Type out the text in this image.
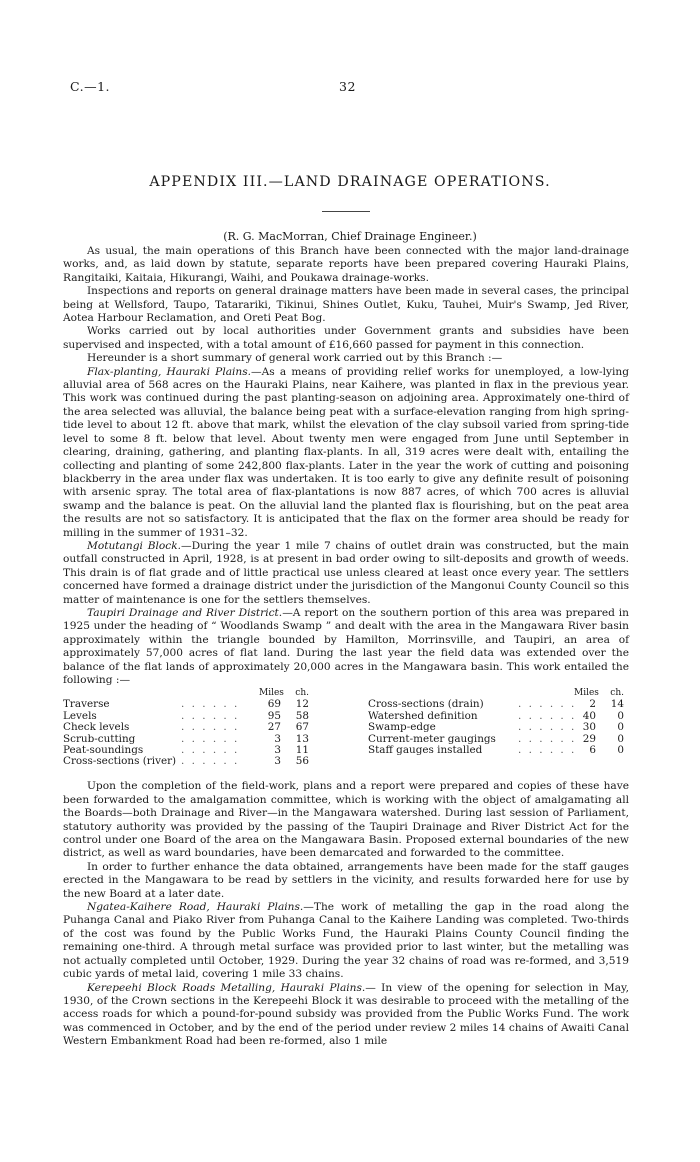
C.—1.	32
APPENDIX III.—LAND DRAINAGE OPERATIONS.
(R. G. MacMorran, Chief Drainage Engineer.)

As usual, the main operations of this Branch have been connected with the major land-drainage works, and, as laid down by statute, separate reports have been prepared covering Hauraki Plains, Rangitaiki, Kaitaia, Hikurangi, Waihi, and Poukawa drainage-works.

Inspections and reports on general drainage matters have been made in several cases, the principal being at Wellsford, Taupo, Tatarariki, Tikinui, Shines Outlet, Kuku, Tauhei, Muir's Swamp, Jed River, Aotea Harbour Reclamation, and Oreti Peat Bog.

Works carried out by local authorities under Government grants and subsidies have been supervised and inspected, with a total amount of £16,660 passed for payment in this connection.

Hereunder is a short summary of general work carried out by this Branch :—

Flax-planting, Hauraki Plains.—As a means of providing relief works for unemployed, a low-lying alluvial area of 568 acres on the Hauraki Plains, near Kaihere, was planted in flax in the previous year. This work was continued during the past planting-season on adjoining area. Approximately one-third of the area selected was alluvial, the balance being peat with a surface-elevation ranging from high spring-tide level to about 12 ft. above that mark, whilst the elevation of the clay subsoil varied from spring-tide level to some 8 ft. below that level. About twenty men were engaged from June until September in clearing, draining, gathering, and planting flax-plants. In all, 319 acres were dealt with, entailing the collecting and planting of some 242,800 flax-plants. Later in the year the work of cutting and poisoning blackberry in the area under flax was undertaken. It is too early to give any definite result of poisoning with arsenic spray. The total area of flax-plantations is now 887 acres, of which 700 acres is alluvial swamp and the balance is peat. On the alluvial land the planted flax is flourishing, but on the peat area the results are not so satisfactory. It is anticipated that the flax on the former area should be ready for milling in the summer of 1931–32.

Motutangi Block.—During the year 1 mile 7 chains of outlet drain was constructed, but the main outfall constructed in April, 1928, is at present in bad order owing to silt-deposits and growth of weeds. This drain is of flat grade and of little practical use unless cleared at least once every year. The settlers concerned have formed a drainage district under the jurisdiction of the Mangonui County Council so this matter of maintenance is one for the settlers themselves.

Taupiri Drainage and River District.—A report on the southern portion of this area was prepared in 1925 under the heading of “ Woodlands Swamp ” and dealt with the area in the Mangawara River basin approximately within the triangle bounded by Hamilton, Morrinsville, and Taupiri, an area of approximately 57,000 acres of flat land. During the last year the field data was extended over the balance of the flat lands of approximately 20,000 acres in the Mangawara basin. This work entailed the following :—

Miles	ch.
Traverse	. . . . . .	69	12
Levels	. . . . . .	95	58
Check levels	. . . . . .	27	67
Scrub-cutting	. . . . . .	3	13
Peat-soundings	. . . . . .	3	11
Cross-sections (river) . . . . . .	3	56
Miles	ch.
Cross-sections (drain)	. . . . . .	2	14
Watershed definition	. . . . . . 40	0
Swamp-edge	. . . . . . 30	0
Current-meter gaugings . . . . . . 29	0
Staff gauges installed	. . . . . .	6	0

Upon the completion of the field-work, plans and a report were prepared and copies of these have been forwarded to the amalgamation committee, which is working with the object of amalgamating all the Boards—both Drainage and River—in the Mangawara watershed. During last session of Parliament, statutory authority was provided by the passing of the Taupiri Drainage and River District Act for the control under one Board of the area on the Mangawara Basin. Proposed external boundaries of the new district, as well as ward boundaries, have been demarcated and forwarded to the committee.

In order to further enhance the data obtained, arrangements have been made for the staff gauges erected in the Mangawara to be read by settlers in the vicinity, and results forwarded here for use by the new Board at a later date.

Ngatea-Kaihere Road, Hauraki Plains.—The work of metalling the gap in the road along the Puhanga Canal and Piako River from Puhanga Canal to the Kaihere Landing was completed. Two-thirds of the cost was found by the Public Works Fund, the Hauraki Plains County Council finding the remaining one-third. A through metal surface was provided prior to last winter, but the metalling was not actually completed until October, 1929. During the year 32 chains of road was re-formed, and 3,519 cubic yards of metal laid, covering 1 mile 33 chains.

Kerepeehi Block Roads Metalling, Hauraki Plains.— In view of the opening for selection in May, 1930, of the Crown sections in the Kerepeehi Block it was desirable to proceed with the metalling of the access roads for which a pound-for-pound subsidy was provided from the Public Works Fund. The work was commenced in October, and by the end of the period under review 2 miles 14 chains of Awaiti Canal Western Embankment Road had been re-formed, also 1 mile
